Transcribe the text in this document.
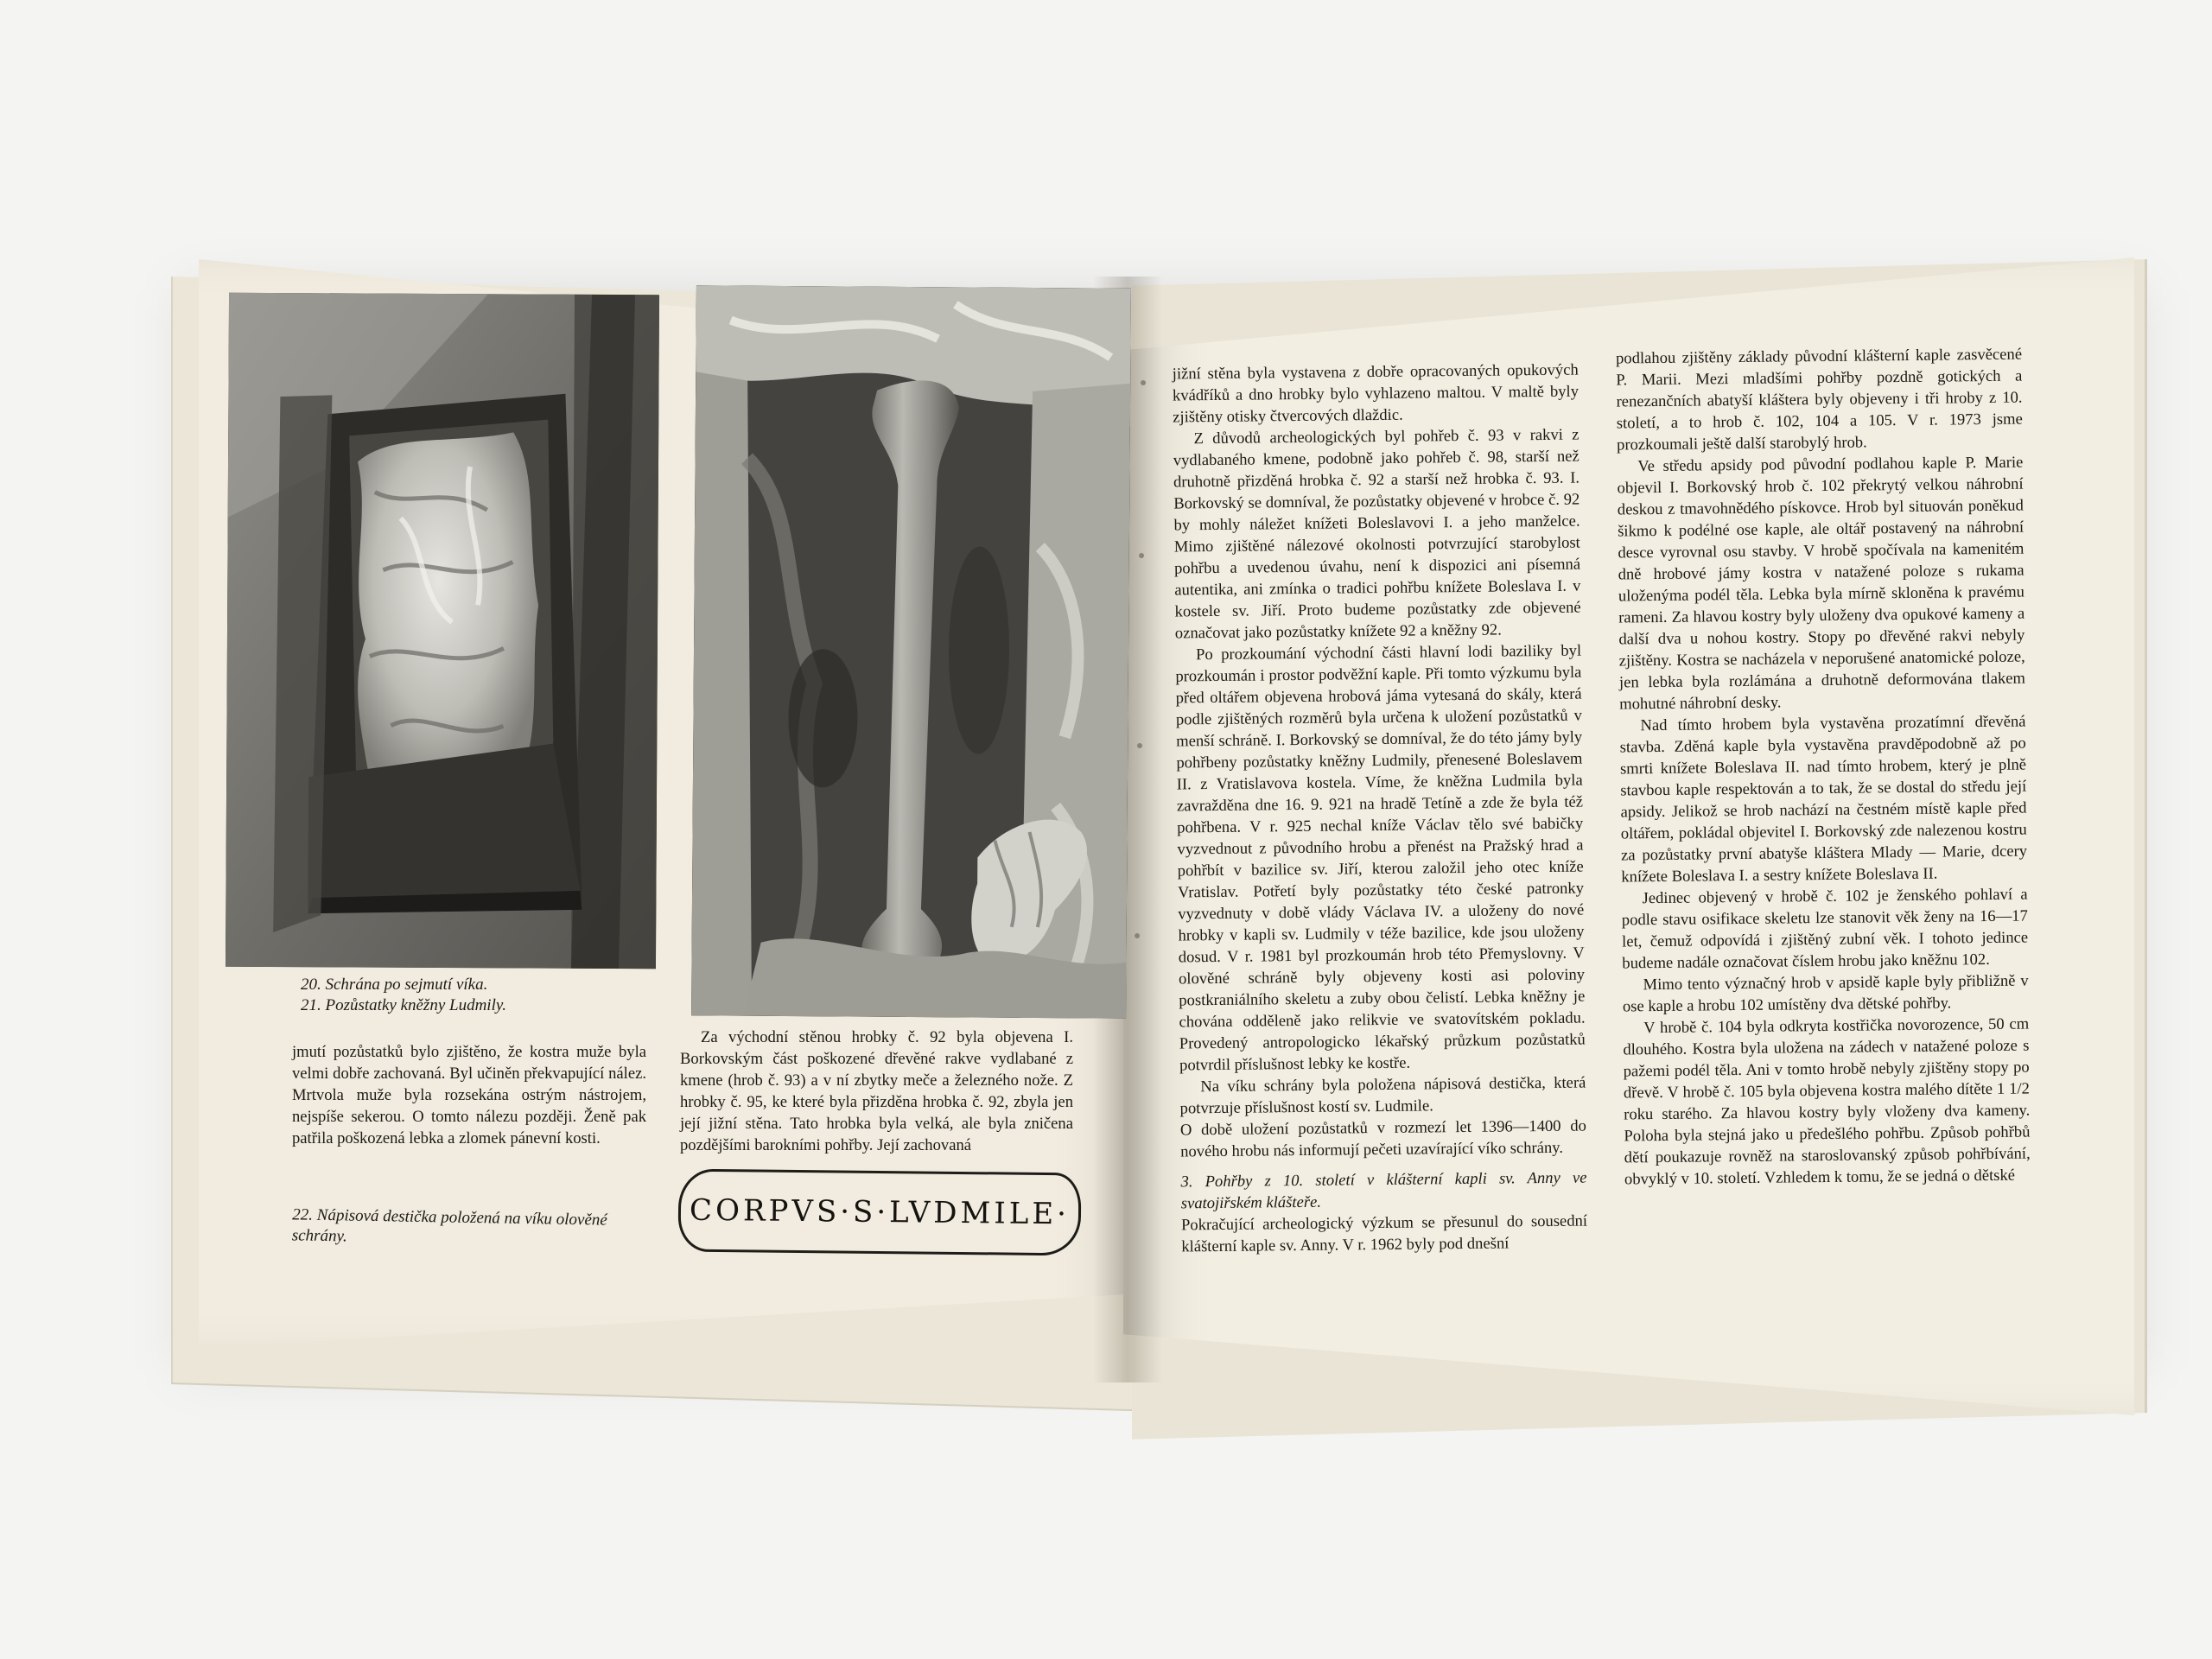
20. Schrána po sejmutí víka.
21. Pozůstatky kněžny Ludmily.

jmutí pozůstatků bylo zjištěno, že kostra muže byla velmi dobře zachovaná. Byl učiněn překvapující nález. Mrtvola muže byla rozsekána ostrým nástrojem, nejspíše sekerou. O tomto nálezu později. Ženě pak patřila poškozená lebka a zlomek pánevní kosti.

22. Nápisová destička položená na víku olověné schrány.

Za východní stěnou hrobky č. 92 byla objevena I. Borkovským část poškozené dřevěné rakve vydlabané z kmene (hrob č. 93) a v ní zbytky meče a železného nože. Z hrobky č. 95, ke které byla přizděna hrobka č. 92, zbyla jen její jižní stěna. Tato hrobka byla velká, ale byla zničena pozdějšími barokními pohřby. Její zachovaná

CORPVS·S·LVDMILE·

jižní stěna byla vystavena z dobře opracovaných opukových kvádříků a dno hrobky bylo vyhlazeno maltou. V maltě byly zjištěny otisky čtvercových dlaždic.

Z důvodů archeologických byl pohřeb č. 93 v rakvi z vydlabaného kmene, podobně jako pohřeb č. 98, starší než druhotně přizděná hrobka č. 92 a starší než hrobka č. 93. I. Borkovský se domníval, že pozůstatky objevené v hrobce č. 92 by mohly náležet knížeti Boleslavovi I. a jeho manželce. Mimo zjištěné nálezové okolnosti potvrzující starobylost pohřbu a uvedenou úvahu, není k dispozici ani písemná autentika, ani zmínka o tradici pohřbu knížete Boleslava I. v kostele sv. Jiří. Proto budeme pozůstatky zde objevené označovat jako pozůstatky knížete 92 a kněžny 92.

Po prozkoumání východní části hlavní lodi baziliky byl prozkoumán i prostor podvěžní kaple. Při tomto výzkumu byla před oltářem objevena hrobová jáma vytesaná do skály, která podle zjištěných rozměrů byla určena k uložení pozůstatků v menší schráně. I. Borkovský se domníval, že do této jámy byly pohřbeny pozůstatky kněžny Ludmily, přenesené Boleslavem II. z Vratislavova kostela. Víme, že kněžna Ludmila byla zavražděna dne 16. 9. 921 na hradě Tetíně a zde že byla též pohřbena. V r. 925 nechal kníže Václav tělo své babičky vyzvednout z původního hrobu a přenést na Pražský hrad a pohřbít v bazilice sv. Jiří, kterou založil jeho otec kníže Vratislav. Potřetí byly pozůstatky této české patronky vyzvednuty v době vlády Václava IV. a uloženy do nové hrobky v kapli sv. Ludmily v téže bazilice, kde jsou uloženy dosud. V r. 1981 byl prozkoumán hrob této Přemyslovny. V olověné schráně byly objeveny kosti asi poloviny postkraniálního skeletu a zuby obou čelistí. Lebka kněžny je chována odděleně jako relikvie ve svatovítském pokladu. Provedený antropologicko lékařský průzkum pozůstatků potvrdil příslušnost lebky ke kostře.

Na víku schrány byla položena nápisová destička, která potvrzuje příslušnost kostí sv. Ludmile.

O době uložení pozůstatků v rozmezí let 1396—1400 do nového hrobu nás informují pečeti uzavírající víko schrány.

3. Pohřby z 10. století v klášterní kapli sv. Anny ve svatojiřském klášteře.

Pokračující archeologický výzkum se přesunul do sousední klášterní kaple sv. Anny. V r. 1962 byly pod dnešní

podlahou zjištěny základy původní klášterní kaple zasvěcené P. Marii. Mezi mladšími pohřby pozdně gotických a renezančních abatyší kláštera byly objeveny i tři hroby z 10. století, a to hrob č. 102, 104 a 105. V r. 1973 jsme prozkoumali ještě další starobylý hrob.

Ve středu apsidy pod původní podlahou kaple P. Marie objevil I. Borkovský hrob č. 102 překrytý velkou náhrobní deskou z tmavohnědého pískovce. Hrob byl situován poněkud šikmo k podélné ose kaple, ale oltář postavený na náhrobní desce vyrovnal osu stavby. V hrobě spočívala na kamenitém dně hrobové jámy kostra v natažené poloze s rukama uloženýma podél těla. Lebka byla mírně skloněna k pravému rameni. Za hlavou kostry byly uloženy dva opukové kameny a další dva u nohou kostry. Stopy po dřevěné rakvi nebyly zjištěny. Kostra se nacházela v neporušené anatomické poloze, jen lebka byla rozlámána a druhotně deformována tlakem mohutné náhrobní desky.

Nad tímto hrobem byla vystavěna prozatímní dřevěná stavba. Zděná kaple byla vystavěna pravděpodobně až po smrti knížete Boleslava II. nad tímto hrobem, který je plně stavbou kaple respektován a to tak, že se dostal do středu její apsidy. Jelikož se hrob nachází na čestném místě kaple před oltářem, pokládal objevitel I. Borkovský zde nalezenou kostru za pozůstatky první abatyše kláštera Mlady — Marie, dcery knížete Boleslava I. a sestry knížete Boleslava II.

Jedinec objevený v hrobě č. 102 je ženského pohlaví a podle stavu osifikace skeletu lze stanovit věk ženy na 16—17 let, čemuž odpovídá i zjištěný zubní věk. I tohoto jedince budeme nadále označovat číslem hrobu jako kněžnu 102.

Mimo tento význačný hrob v apsidě kaple byly přibližně v ose kaple a hrobu 102 umístěny dva dětské pohřby.

V hrobě č. 104 byla odkryta kostřička novorozence, 50 cm dlouhého. Kostra byla uložena na zádech v natažené poloze s pažemi podél těla. Ani v tomto hrobě nebyly zjištěny stopy po dřevě. V hrobě č. 105 byla objevena kostra malého dítěte 1 1/2 roku starého. Za hlavou kostry byly vloženy dva kameny. Poloha byla stejná jako u předešlého pohřbu. Způsob pohřbů dětí poukazuje rovněž na staroslovanský způsob pohřbívání, obvyklý v 10. století. Vzhledem k tomu, že se jedná o dětské
